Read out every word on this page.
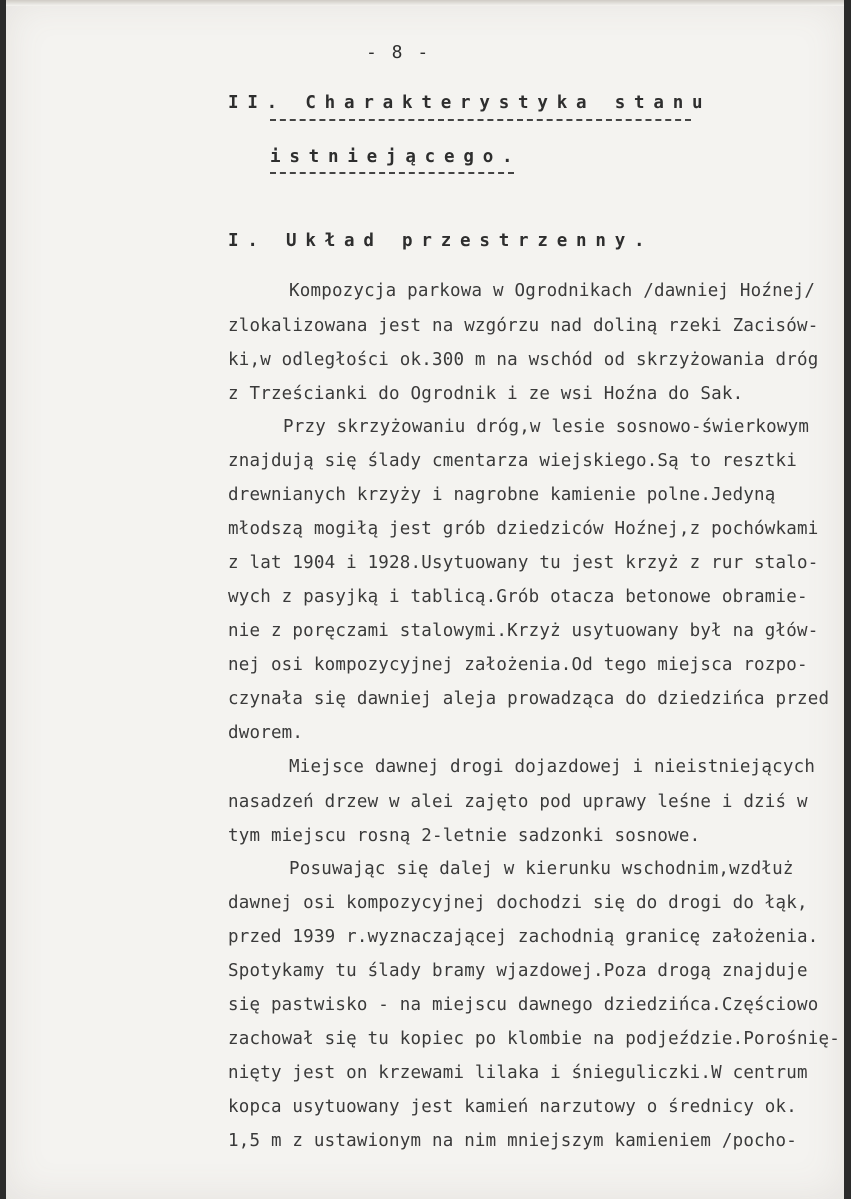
- 8 -
II. Charakterystyka stanu
istniejącego.
I. Układ przestrzenny.
Kompozycja parkowa w Ogrodnikach /dawniej Hoźnej/
zlokalizowana jest na wzgórzu nad doliną rzeki Zacisów-
ki,w odległości ok.300 m na wschód od skrzyżowania dróg
z Trześcianki do Ogrodnik i ze wsi Hoźna do Sak.
Przy skrzyżowaniu dróg,w lesie sosnowo-świerkowym
znajdują się ślady cmentarza wiejskiego.Są to resztki
drewnianych krzyży i nagrobne kamienie polne.Jedyną
młodszą mogiłą jest grób dziedziców Hoźnej,z pochówkami
z lat 1904 i 1928.Usytuowany tu jest krzyż z rur stalo-
wych z pasyjką i tablicą.Grób otacza betonowe obramie-
nie z poręczami stalowymi.Krzyż usytuowany był na głów-
nej osi kompozycyjnej założenia.Od tego miejsca rozpo-
czynała się dawniej aleja prowadząca do dziedzińca przed
dworem.
Miejsce dawnej drogi dojazdowej i nieistniejących
nasadzeń drzew w alei zajęto pod uprawy leśne i dziś w
tym miejscu rosną 2-letnie sadzonki sosnowe.
Posuwając się dalej w kierunku wschodnim,wzdłuż
dawnej osi kompozycyjnej dochodzi się do drogi do łąk,
przed 1939 r.wyznaczającej zachodnią granicę założenia.
Spotykamy tu ślady bramy wjazdowej.Poza drogą znajduje
się pastwisko - na miejscu dawnego dziedzińca.Częściowo
zachował się tu kopiec po klombie na podjeździe.Porośnię-
nięty jest on krzewami lilaka i śnieguliczki.W centrum
kopca usytuowany jest kamień narzutowy o średnicy ok.
1,5 m z ustawionym na nim mniejszym kamieniem /pocho-
